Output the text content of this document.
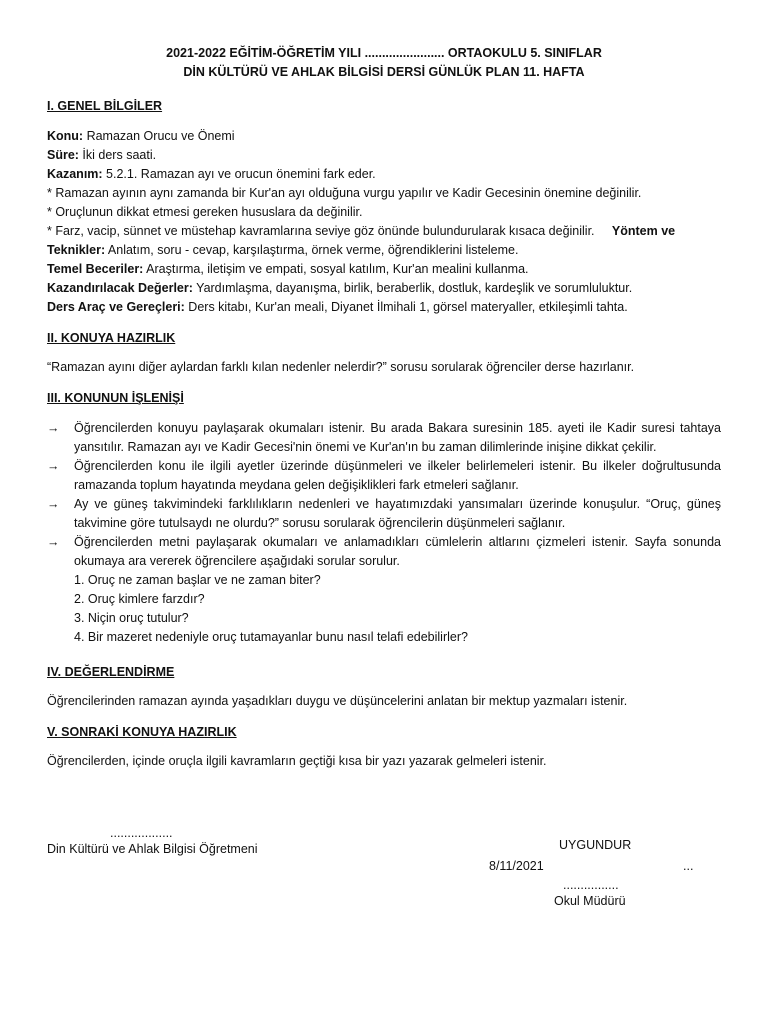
2021-2022 EĞİTİM-ÖĞRETİM YILI ....................... ORTAOKULU 5. SINIFLAR
DİN KÜLTÜRÜ VE AHLAK BİLGİSİ DERSİ GÜNLÜK PLAN 11. HAFTA

I. GENEL BİLGİLER

Konu: Ramazan Orucu ve Önemi

Süre: İki ders saati.

Kazanım: 5.2.1. Ramazan ayı ve orucun önemini fark eder.

* Ramazan ayının aynı zamanda bir Kur'an ayı olduğuna vurgu yapılır ve Kadir Gecesinin önemine değinilir.

* Oruçlunun dikkat etmesi gereken hususlara da değinilir.

* Farz, vacip, sünnet ve müstehap kavramlarına seviye göz önünde bulundurularak kısaca değinilir. Yöntem ve

Teknikler: Anlatım, soru - cevap, karşılaştırma, örnek verme, öğrendiklerini listeleme.

Temel Beceriler: Araştırma, iletişim ve empati, sosyal katılım, Kur'an mealini kullanma.

Kazandırılacak Değerler: Yardımlaşma, dayanışma, birlik, beraberlik, dostluk, kardeşlik ve sorumluluktur.

Ders Araç ve Gereçleri: Ders kitabı, Kur'an meali, Diyanet İlmihali 1, görsel materyaller, etkileşimli tahta.

II. KONUYA HAZIRLIK

“Ramazan ayını diğer aylardan farklı kılan nedenler nelerdir?” sorusu sorularak öğrenciler derse hazırlanır.

III. KONUNUN İŞLENİŞİ

→ Öğrencilerden konuyu paylaşarak okumaları istenir. Bu arada Bakara suresinin 185. ayeti ile Kadir suresi tahtaya yansıtılır. Ramazan ayı ve Kadir Gecesi'nin önemi ve Kur'an'ın bu zaman dilimlerinde inişine dikkat çekilir.
→ Öğrencilerden konu ile ilgili ayetler üzerinde düşünmeleri ve ilkeler belirlemeleri istenir. Bu ilkeler doğrultusunda ramazanda toplum hayatında meydana gelen değişiklikleri fark etmeleri sağlanır.
→ Ay ve güneş takvimindeki farklılıkların nedenleri ve hayatımızdaki yansımaları üzerinde konuşulur. “Oruç, güneş takvimine göre tutulsaydı ne olurdu?” sorusu sorularak öğrencilerin düşünmeleri sağlanır.
→ Öğrencilerden metni paylaşarak okumaları ve anlamadıkları cümlelerin altlarını çizmeleri istenir. Sayfa sonunda okumaya ara vererek öğrencilere aşağıdaki sorular sorulur.

1. Oruç ne zaman başlar ve ne zaman biter?

2. Oruç kimlere farzdır?

3. Niçin oruç tutulur?

4. Bir mazeret nedeniyle oruç tutamayanlar bunu nasıl telafi edebilirler?

IV. DEĞERLENDİRME

Öğrencilerinden ramazan ayında yaşadıkları duygu ve düşüncelerini anlatan bir mektup yazmaları istenir.

V. SONRAKİ KONUYA HAZIRLIK

Öğrencilerden, içinde oruçla ilgili kavramların geçtiği kısa bir yazı yazarak gelmeleri istenir.

..................
Din Kültürü ve Ahlak Bilgisi Öğretmeni	UYGUNDUR
8/11/2021	...
................
Okul Müdürü
